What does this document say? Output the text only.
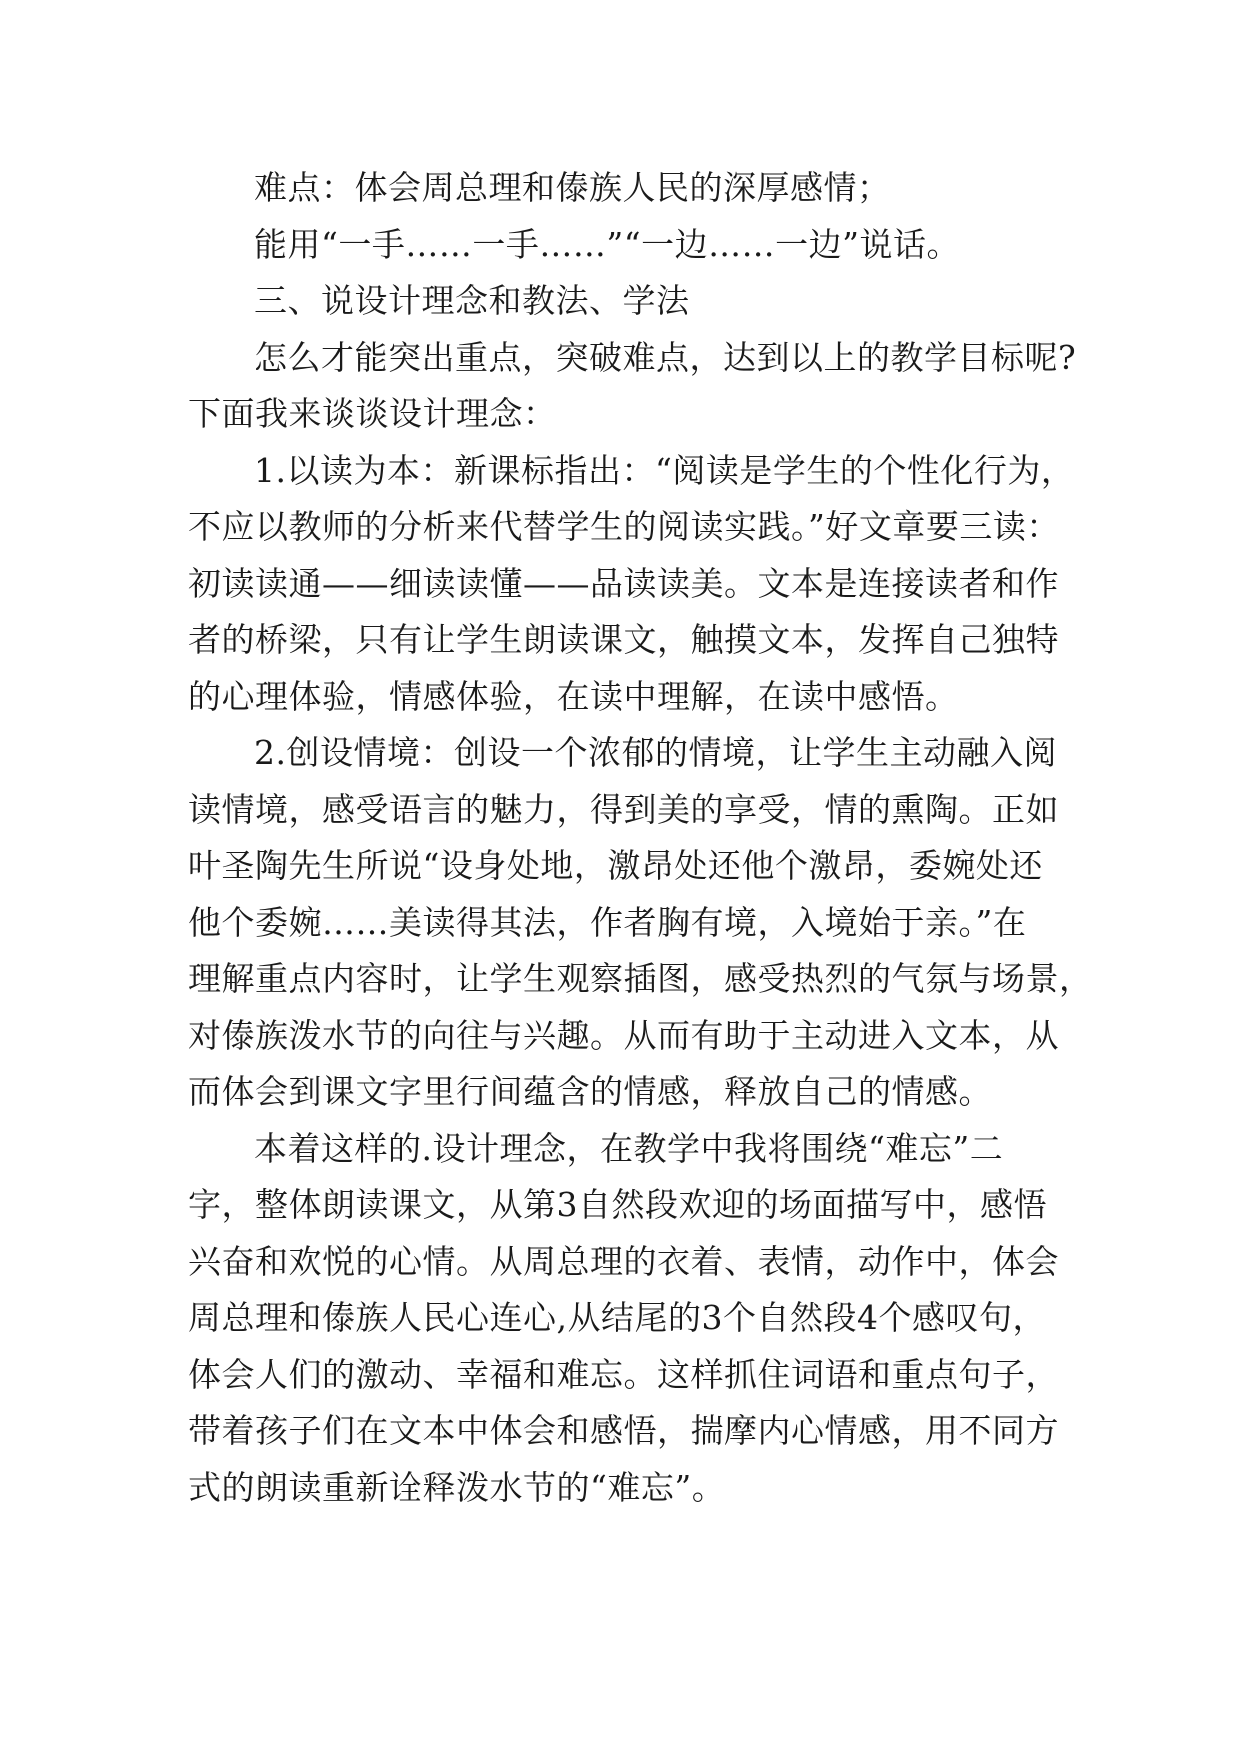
难点：体会周总理和傣族人民的深厚感情；

能用“一手……一手……”“一边……一边”说话。

三、说设计理念和教法、学法

怎么才能突出重点，突破难点，达到以上的教学目标呢?
下面我来谈谈设计理念：

1.以读为本：新课标指出：“阅读是学生的个性化行为，
不应以教师的分析来代替学生的阅读实践。”好文章要三读：
初读读通——细读读懂——品读读美。文本是连接读者和作
者的桥梁，只有让学生朗读课文，触摸文本，发挥自己独特
的心理体验，情感体验，在读中理解，在读中感悟。

2.创设情境：创设一个浓郁的情境，让学生主动融入阅
读情境，感受语言的魅力，得到美的享受，情的熏陶。正如
叶圣陶先生所说“设身处地，激昂处还他个激昂，委婉处还
他个委婉……美读得其法，作者胸有境，入境始于亲。”在
理解重点内容时，让学生观察插图，感受热烈的气氛与场景，
对傣族泼水节的向往与兴趣。从而有助于主动进入文本，从
而体会到课文字里行间蕴含的情感，释放自己的情感。

本着这样的.设计理念，在教学中我将围绕“难忘”二
字，整体朗读课文，从第3自然段欢迎的场面描写中，感悟
兴奋和欢悦的心情。从周总理的衣着、表情，动作中，体会
周总理和傣族人民心连心,从结尾的3个自然段4个感叹句，
体会人们的激动、幸福和难忘。这样抓住词语和重点句子，
带着孩子们在文本中体会和感悟，揣摩内心情感，用不同方
式的朗读重新诠释泼水节的“难忘”。
